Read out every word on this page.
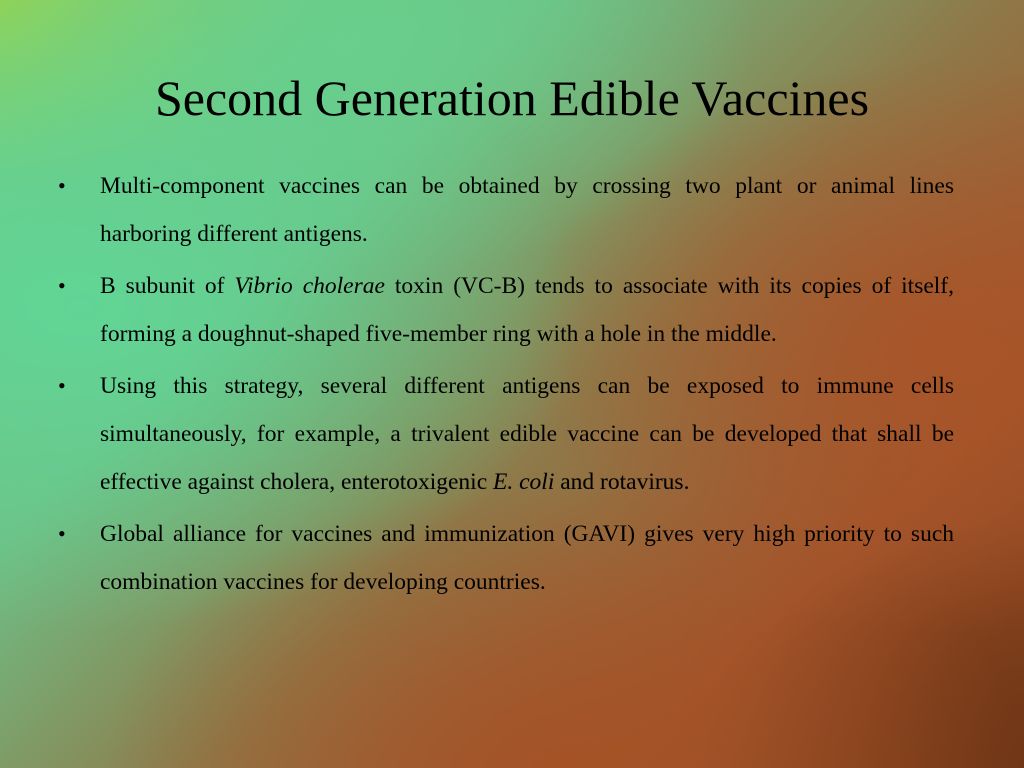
Second Generation Edible Vaccines
•	Multi-component vaccines can be obtained by crossing two plant or animal lines harboring different antigens.
•	B subunit of Vibrio cholerae toxin (VC-B) tends to associate with its copies of itself, forming a doughnut-shaped five-member ring with a hole in the middle.
•	Using this strategy, several different antigens can be exposed to immune cells simultaneously, for example, a trivalent edible vaccine can be developed that shall be effective against cholera, enterotoxigenic E. coli and rotavirus.
•	Global alliance for vaccines and immunization (GAVI) gives very high priority to such combination vaccines for developing countries.
